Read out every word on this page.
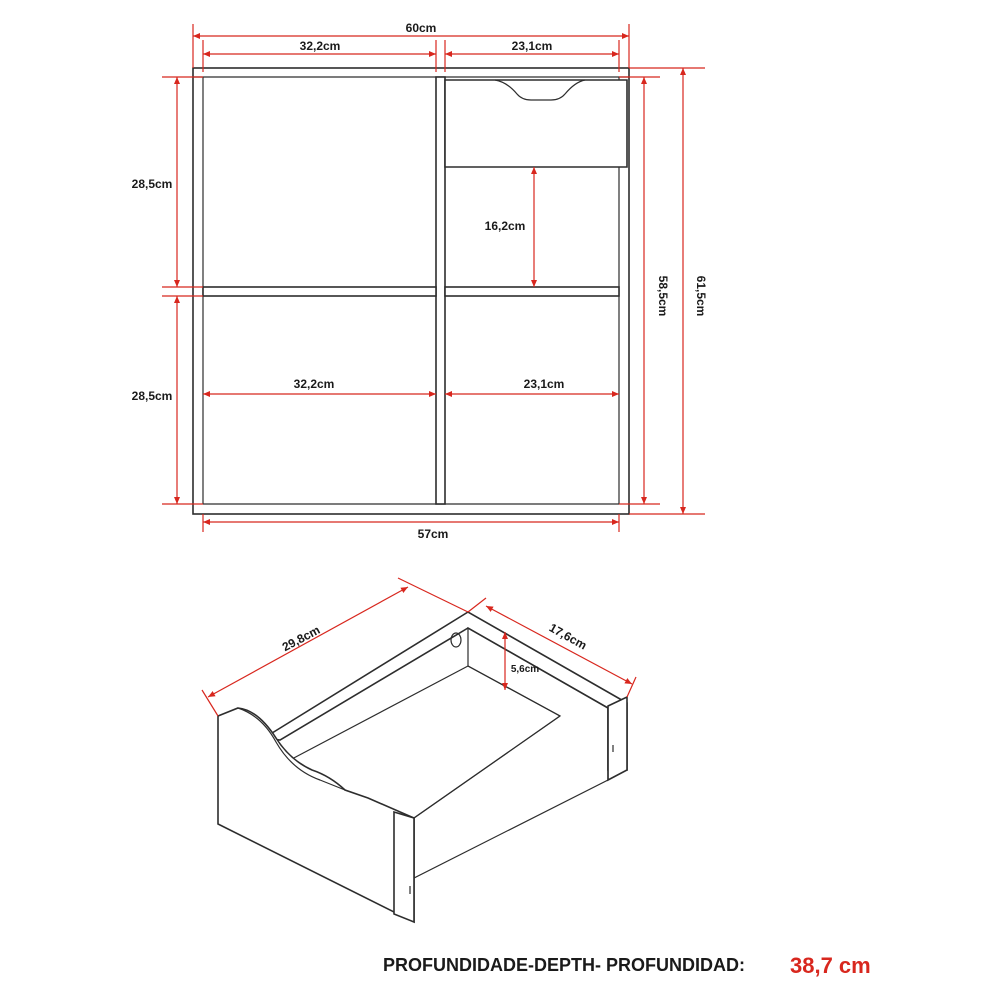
60cm
32,2cm	23,1cm
28,5cm
28,5cm
16,2cm
58,5cm 61,5cm
32,2cm	23,1cm
57cm
29,8cm	17,6cm
5,6cm
PROFUNDIDADE-DEPTH- PROFUNDIDAD: 38,7 cm
